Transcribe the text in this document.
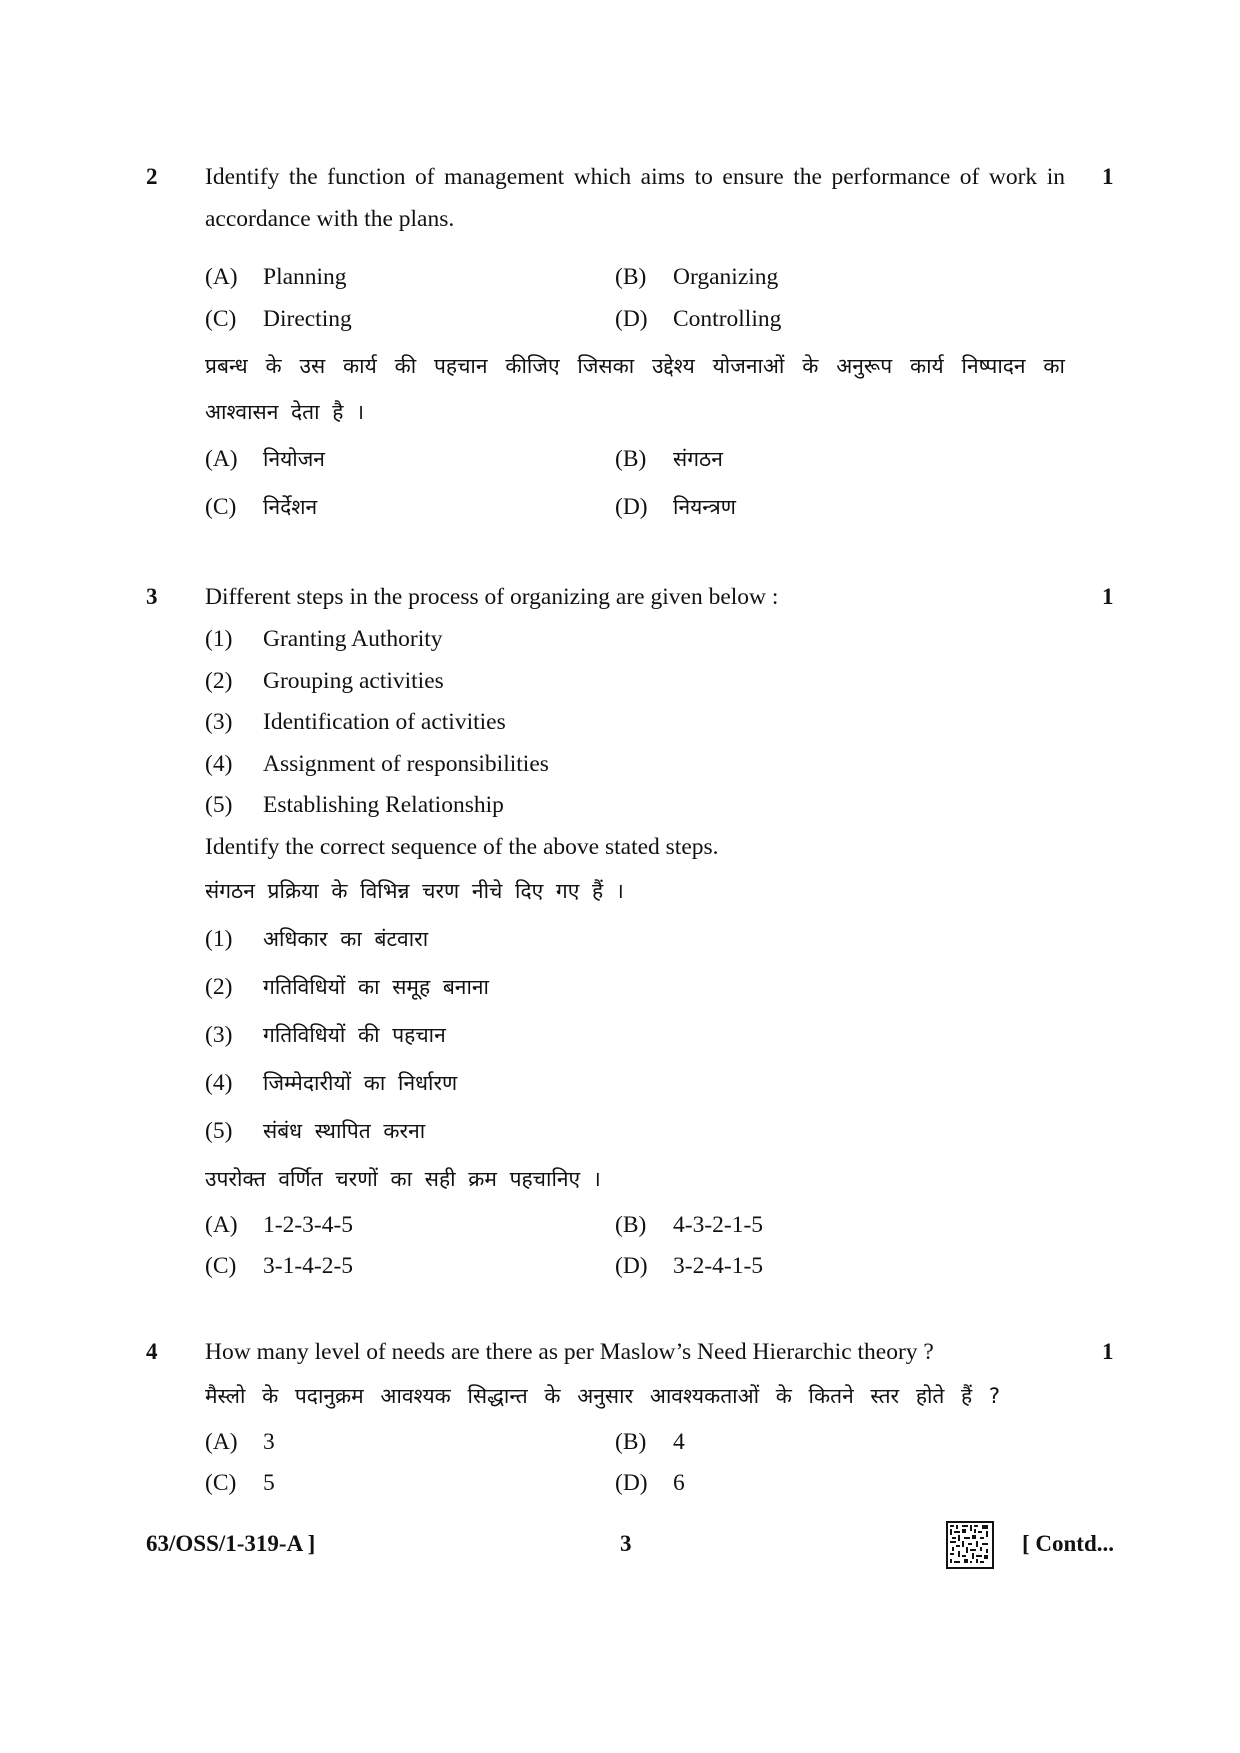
2	1
Identify the function of management which aims to ensure the performance of work in accordance with the plans.
(A) Planning	(B) Organizing
(C) Directing	(D) Controlling
प्रबन्ध के उस कार्य की पहचान कीजिए जिसका उद्देश्य योजनाओं के अनुरूप कार्य निष्पादन का आश्वासन देता है ।
(A) नियोजन	(B) संगठन
(C) निर्देशन	(D) नियन्त्रण
3	1
Different steps in the process of organizing are given below :
(1) Granting Authority
(2) Grouping activities
(3) Identification of activities
(4) Assignment of responsibilities
(5) Establishing Relationship
Identify the correct sequence of the above stated steps.
संगठन प्रक्रिया के विभिन्न चरण नीचे दिए गए हैं ।
(1) अधिकार का बंटवारा
(2) गतिविधियों का समूह बनाना
(3) गतिविधियों की पहचान
(4) जिम्मेदारीयों का निर्धारण
(5) संबंध स्थापित करना
उपरोक्त वर्णित चरणों का सही क्रम पहचानिए ।
(A) 1-2-3-4-5	(B) 4-3-2-1-5
(C) 3-1-4-2-5	(D) 3-2-4-1-5
4	1
How many level of needs are there as per Maslow’s Need Hierarchic theory ?
मैस्लो के पदानुक्रम आवश्यक सिद्धान्त के अनुसार आवश्यकताओं के कितने स्तर होते हैं ?
(A) 3	(B) 4
(C) 5	(D) 6
63/OSS/1-319-A ]	3	[ Contd...
